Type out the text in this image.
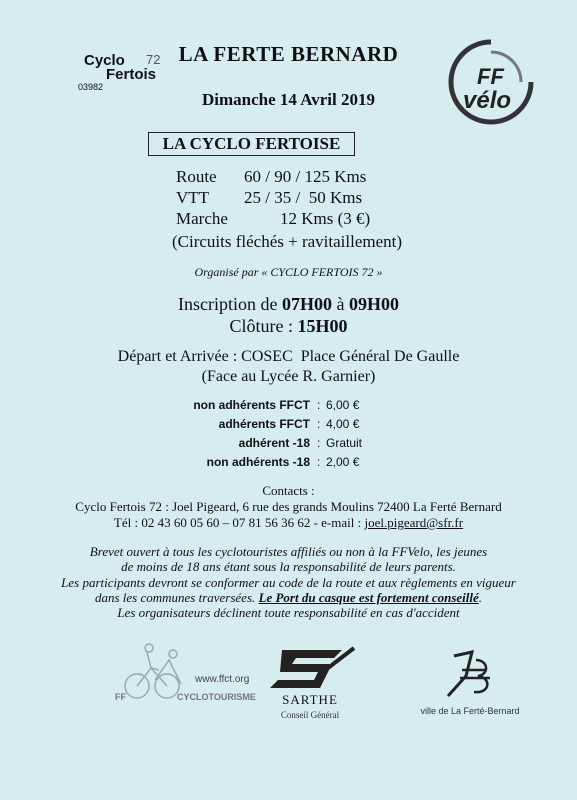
Cyclo 72
Fertois
03982
LA FERTE BERNARD
Dimanche 14 Avril 2019
FF
vélo
LA CYCLO FERTOISE
Route 60 / 90 / 125 Kms
VTT 25 / 35 /  50 Kms
Marche	12 Kms (3 €)
(Circuits fléchés + ravitaillement)
Organisé par « CYCLO FERTOIS 72 »
Inscription de 07H00 à 09H00
Clôture : 15H00
Départ et Arrivée : COSEC  Place Général De Gaulle
(Face au Lycée R. Garnier)
non adhérents FFCT : 6,00 €
adhérents FFCT : 4,00 €
adhérent -18 : Gratuit
non adhérents -18 : 2,00 €
Contacts :
Cyclo Fertois 72 : Joel Pigeard, 6 rue des grands Moulins 72400 La Ferté Bernard
Tél : 02 43 60 05 60 – 07 81 56 36 62 - e-mail : joel.pigeard@sfr.fr
Brevet ouvert à tous les cyclotouristes affiliés ou non à la FFVelo, les jeunes
de moins de 18 ans étant sous la responsabilité de leurs parents.
Les participants devront se conformer au code de la route et aux règlements en vigueur
dans les communes traversées. Le Port du casque est fortement conseillé.
Les organisateurs déclinent toute responsabilité en cas d'accident
www.ffct.org
FF	CYCLOTOURISME	SARTHE
Conseil Général	ville de La Ferté-Bernard
